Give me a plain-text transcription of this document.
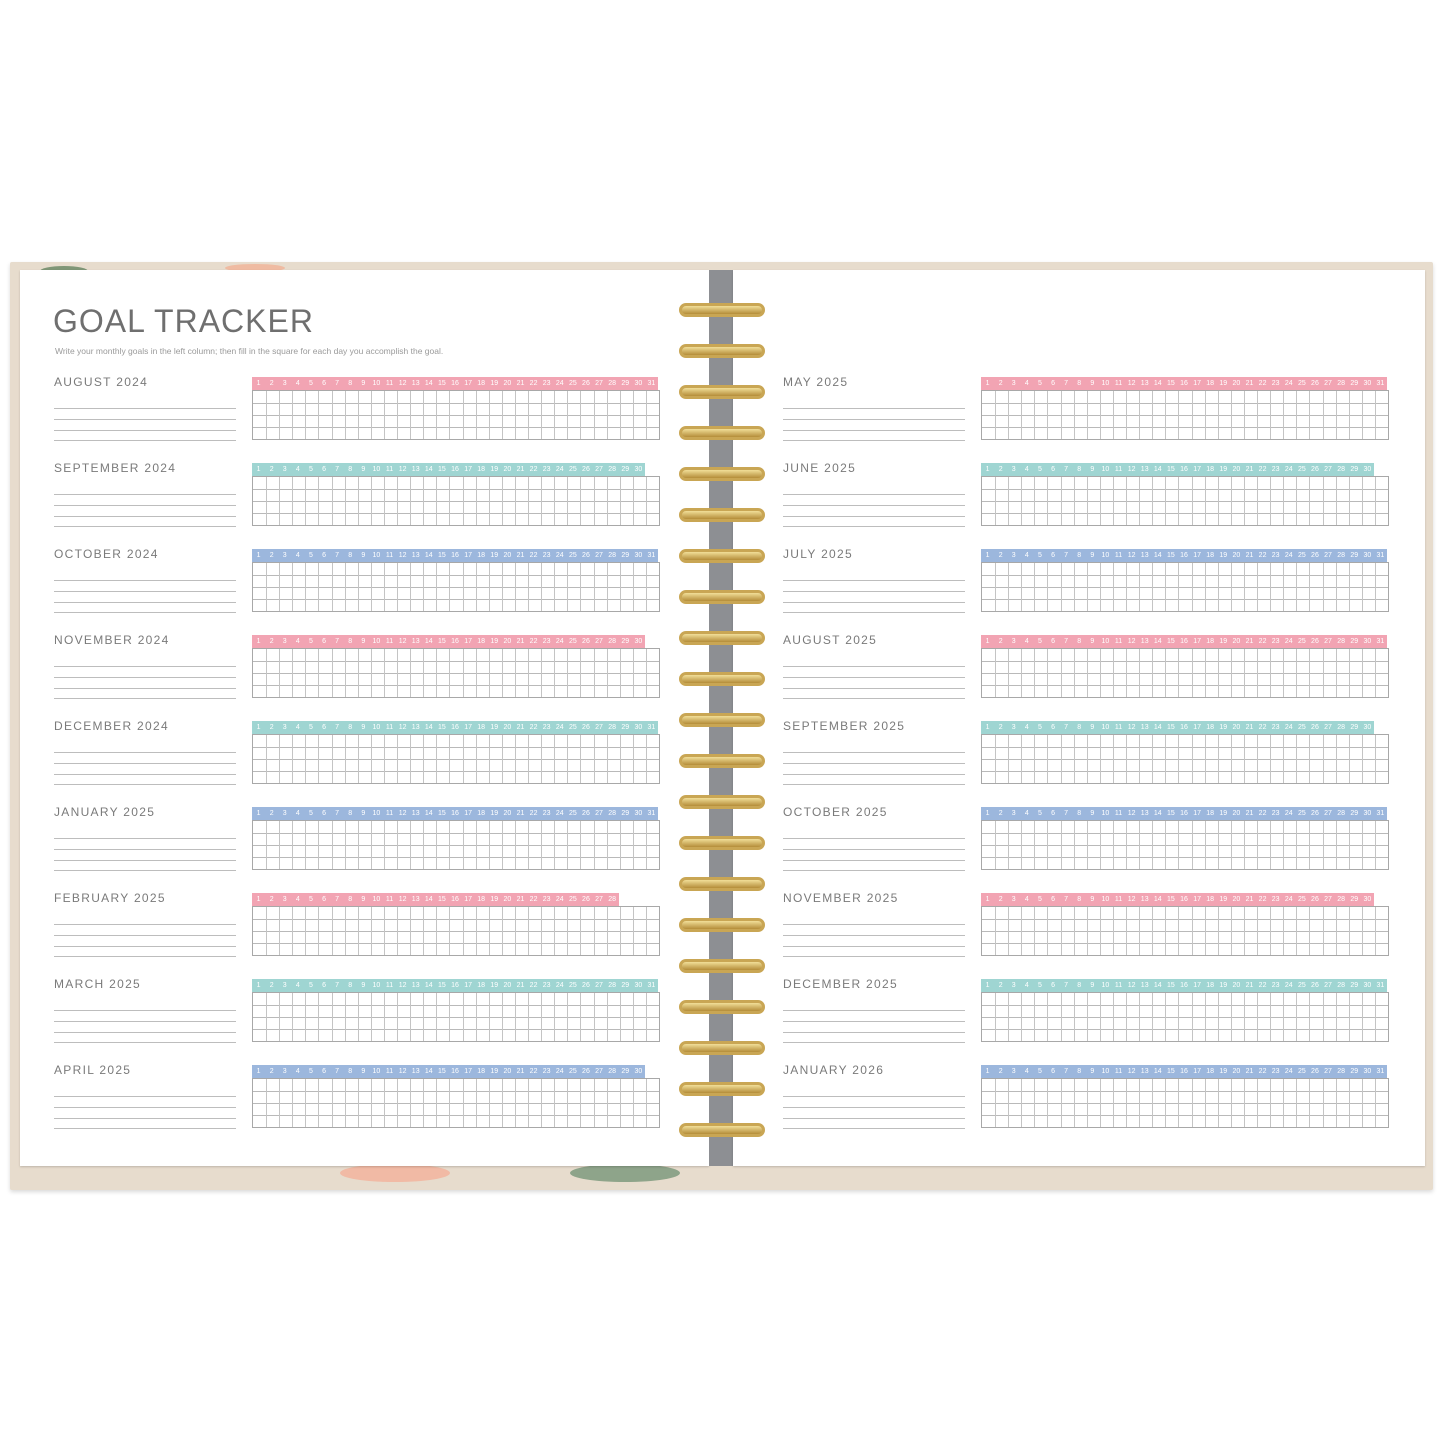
GOAL TRACKER
Write your monthly goals in the left column; then fill in the square for each day you accomplish the goal.
AUGUST 2024	1	2	3	4	5	6	7	8	9	10 11 12 13 14 15 16 17 18 19 20 21 22 23 24 25 26 27 28 29 30 31
SEPTEMBER 2024	1	2	3	4	5	6	7	8	9	10 11 12 13 14 15 16 17 18 19 20 21 22 23 24 25 26 27 28 29 30
OCTOBER 2024	1	2	3	4	5	6	7	8	9	10 11 12 13 14 15 16 17 18 19 20 21 22 23 24 25 26 27 28 29 30 31
NOVEMBER 2024	1	2	3	4	5	6	7	8	9	10 11 12 13 14 15 16 17 18 19 20 21 22 23 24 25 26 27 28 29 30
DECEMBER 2024	1	2	3	4	5	6	7	8	9	10 11 12 13 14 15 16 17 18 19 20 21 22 23 24 25 26 27 28 29 30 31
JANUARY 2025	1	2	3	4	5	6	7	8	9	10 11 12 13 14 15 16 17 18 19 20 21 22 23 24 25 26 27 28 29 30 31
FEBRUARY 2025	1	2	3	4	5	6	7	8	9	10 11 12 13 14 15 16 17 18 19 20 21 22 23 24 25 26 27 28
MARCH 2025	1	2	3	4	5	6	7	8	9	10 11 12 13 14 15 16 17 18 19 20 21 22 23 24 25 26 27 28 29 30 31
APRIL 2025	1	2	3	4	5	6	7	8	9	10 11 12 13 14 15 16 17 18 19 20 21 22 23 24 25 26 27 28 29 30
MAY 2025	1	2	3	4	5	6	7	8	9	10 11 12 13 14 15 16 17 18 19 20 21 22 23 24 25 26 27 28 29 30 31
JUNE 2025	1	2	3	4	5	6	7	8	9	10 11 12 13 14 15 16 17 18 19 20 21 22 23 24 25 26 27 28 29 30
JULY 2025	1	2	3	4	5	6	7	8	9	10 11 12 13 14 15 16 17 18 19 20 21 22 23 24 25 26 27 28 29 30 31
AUGUST 2025	1	2	3	4	5	6	7	8	9	10 11 12 13 14 15 16 17 18 19 20 21 22 23 24 25 26 27 28 29 30 31
SEPTEMBER 2025	1	2	3	4	5	6	7	8	9	10 11 12 13 14 15 16 17 18 19 20 21 22 23 24 25 26 27 28 29 30
OCTOBER 2025	1	2	3	4	5	6	7	8	9	10 11 12 13 14 15 16 17 18 19 20 21 22 23 24 25 26 27 28 29 30 31
NOVEMBER 2025	1	2	3	4	5	6	7	8	9	10 11 12 13 14 15 16 17 18 19 20 21 22 23 24 25 26 27 28 29 30
DECEMBER 2025	1	2	3	4	5	6	7	8	9	10 11 12 13 14 15 16 17 18 19 20 21 22 23 24 25 26 27 28 29 30 31
JANUARY 2026	1	2	3	4	5	6	7	8	9	10 11 12 13 14 15 16 17 18 19 20 21 22 23 24 25 26 27 28 29 30 31
